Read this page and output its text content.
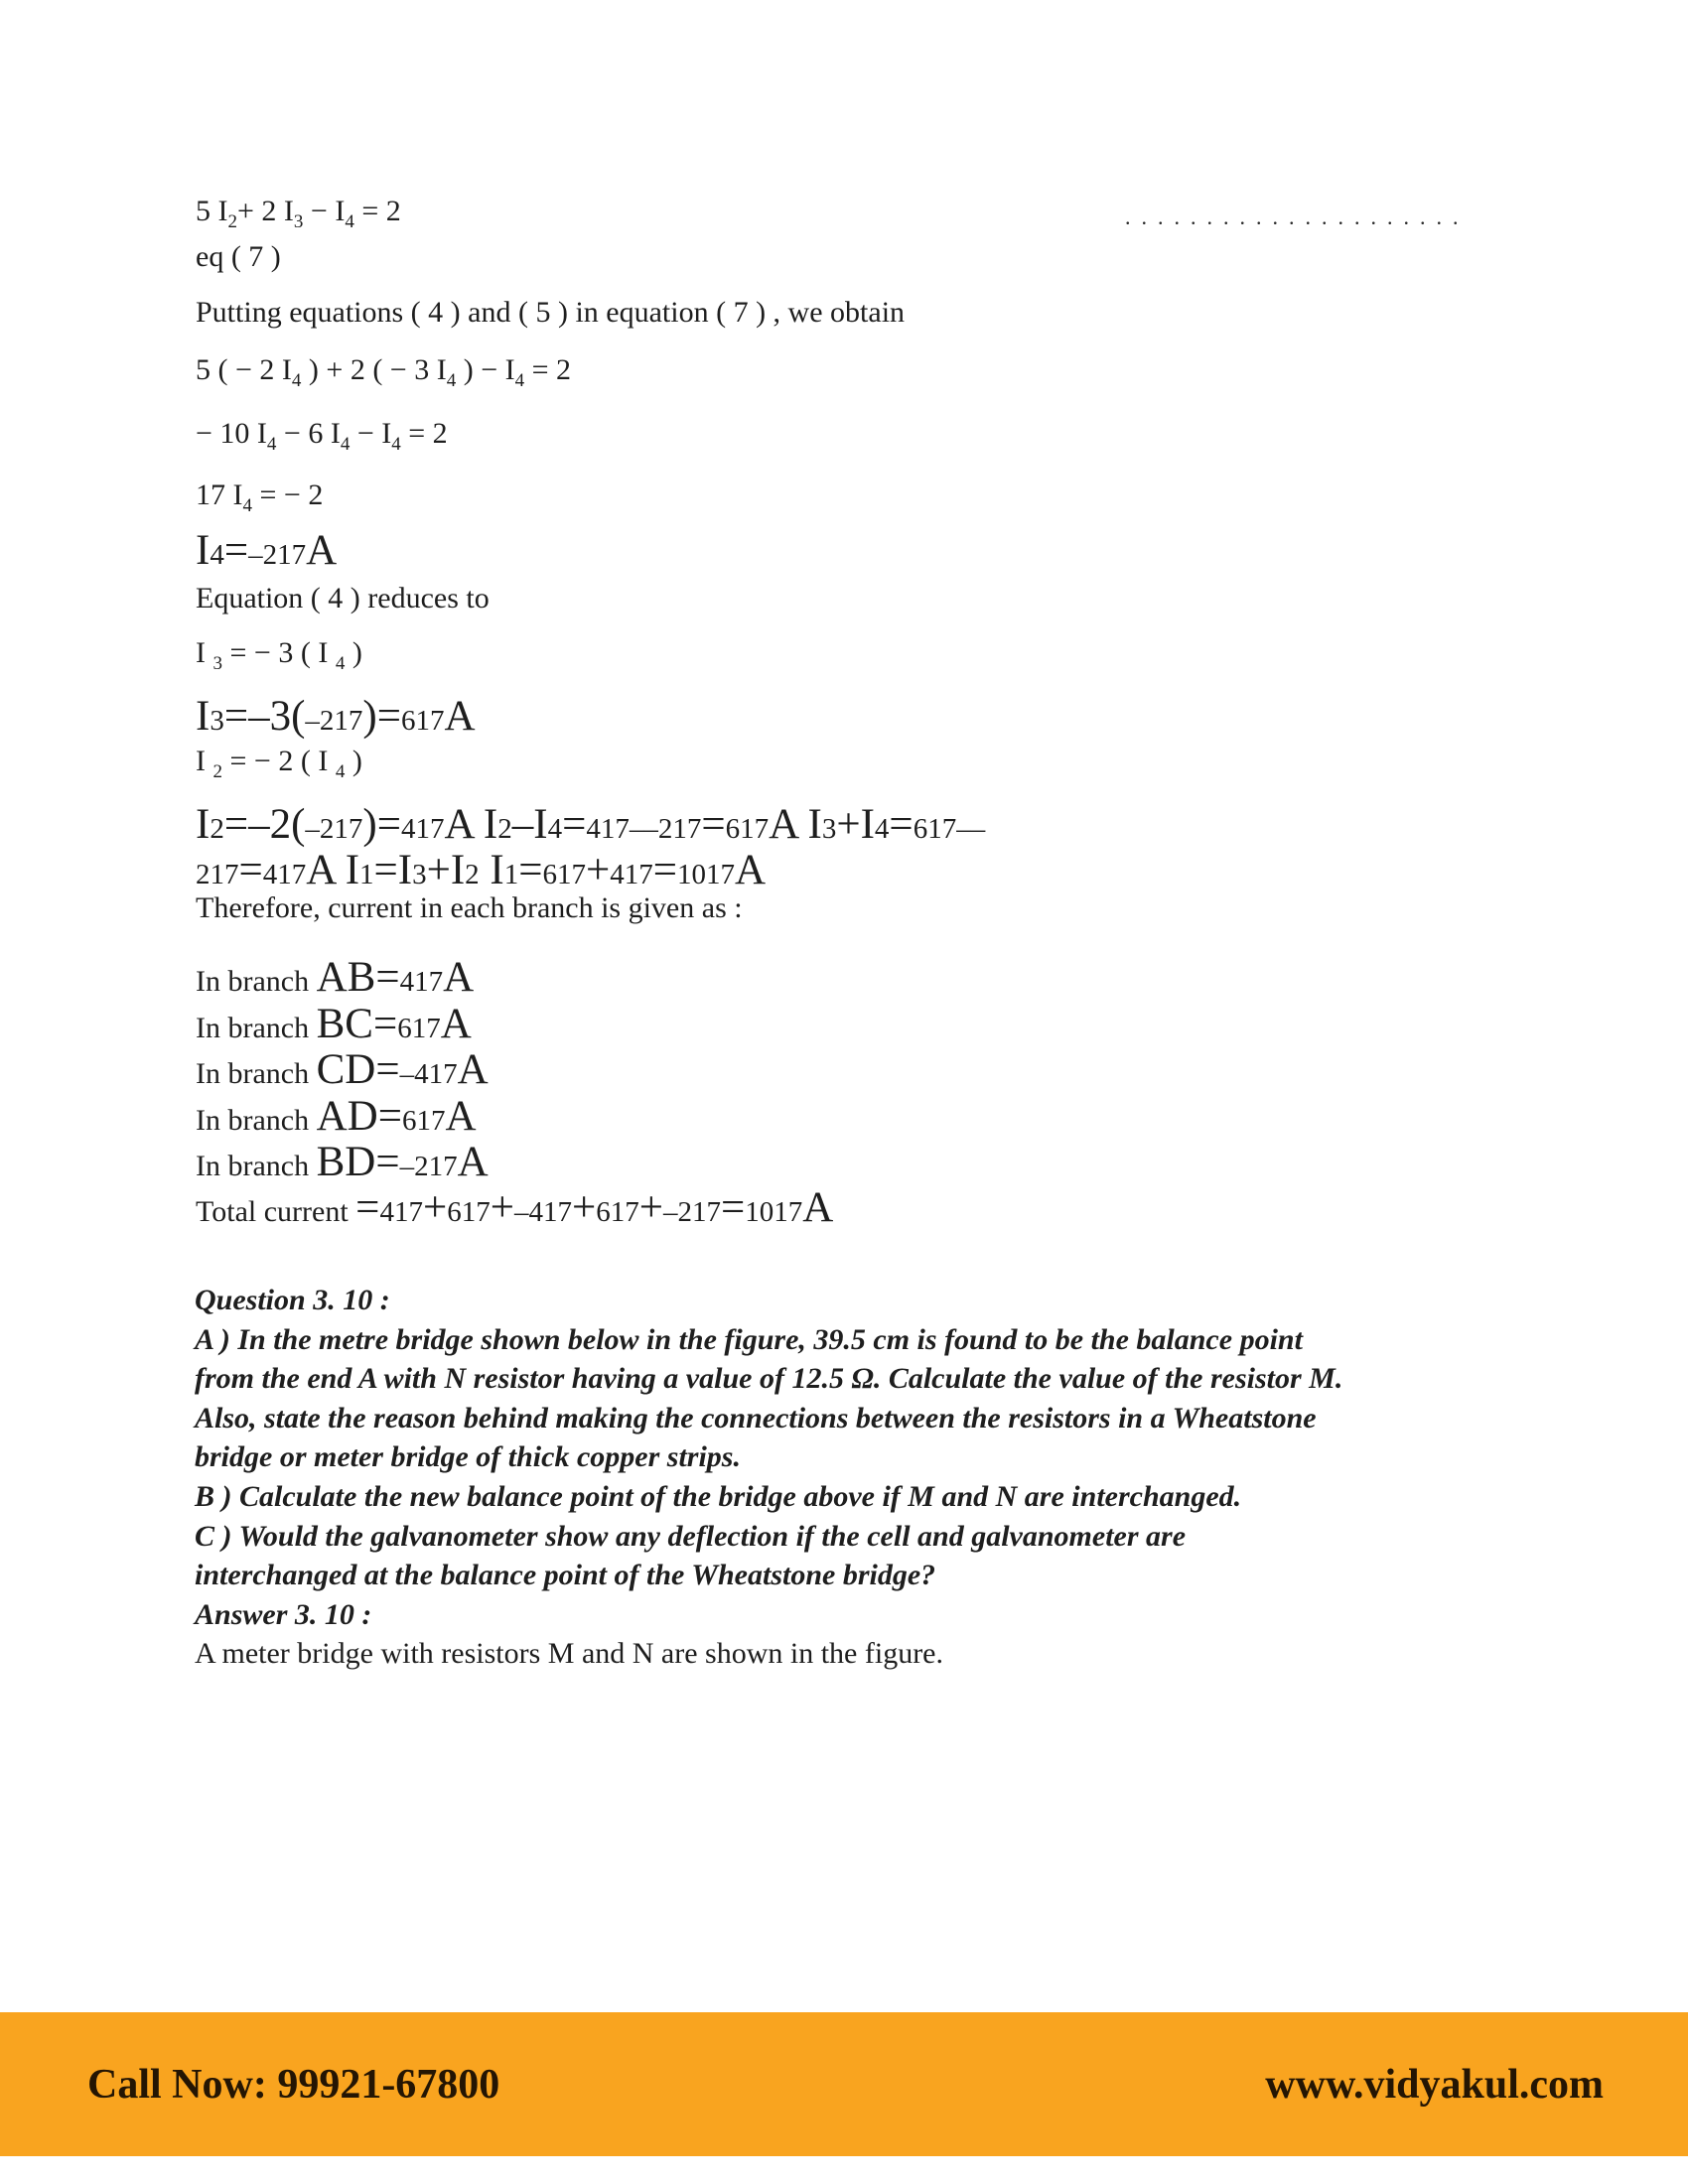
5 $I_2+ 2$ $I_3 - I_4 = 2$
eq ( 7 )
Putting equations ( 4 ) and ( 5 ) in equation ( 7 ) , we obtain
5 ( − 2 $I_4$ ) + 2 ( − 3 $I_4$ ) − $I_4 = 2$
− 10 $I_4 - 6$ $I_4 - I_4 = 2$
17 $I_4$ = − 2
I4=–217A
Equation ( 4 ) reduces to
I $_3$ = − 3 ( I $_4$ )
I3=–3(–217)=617A
I $_2$ = − 2 ( I $_4$ )
I2=–2(–217)=417A I2–I4=417––217=617A I3+I4=617––
217=417A I1=I3+I2 I1=617+417=1017A
Therefore, current in each branch is given as :
In branch AB=417A
In branch BC=617A
In branch CD=–417A
In branch AD=617A
In branch BD=–217A
Total current =417+617+–417+617+–217=1017A
.....................
Question 3. 10 :
A ) In the metre bridge shown below in the figure, 39.5 cm is found to be the balance point
from the end A with N resistor having a value of 12.5 Ω. Calculate the value of the resistor M.
Also, state the reason behind making the connections between the resistors in a Wheatstone
bridge or meter bridge of thick copper strips.
B ) Calculate the new balance point of the bridge above if M and N are interchanged.
C ) Would the galvanometer show any deflection if the cell and galvanometer are
interchanged at the balance point of the Wheatstone bridge?
Answer 3. 10 :
A meter bridge with resistors M and N are shown in the figure.
Call Now: 99921-67800	www.vidyakul.com
